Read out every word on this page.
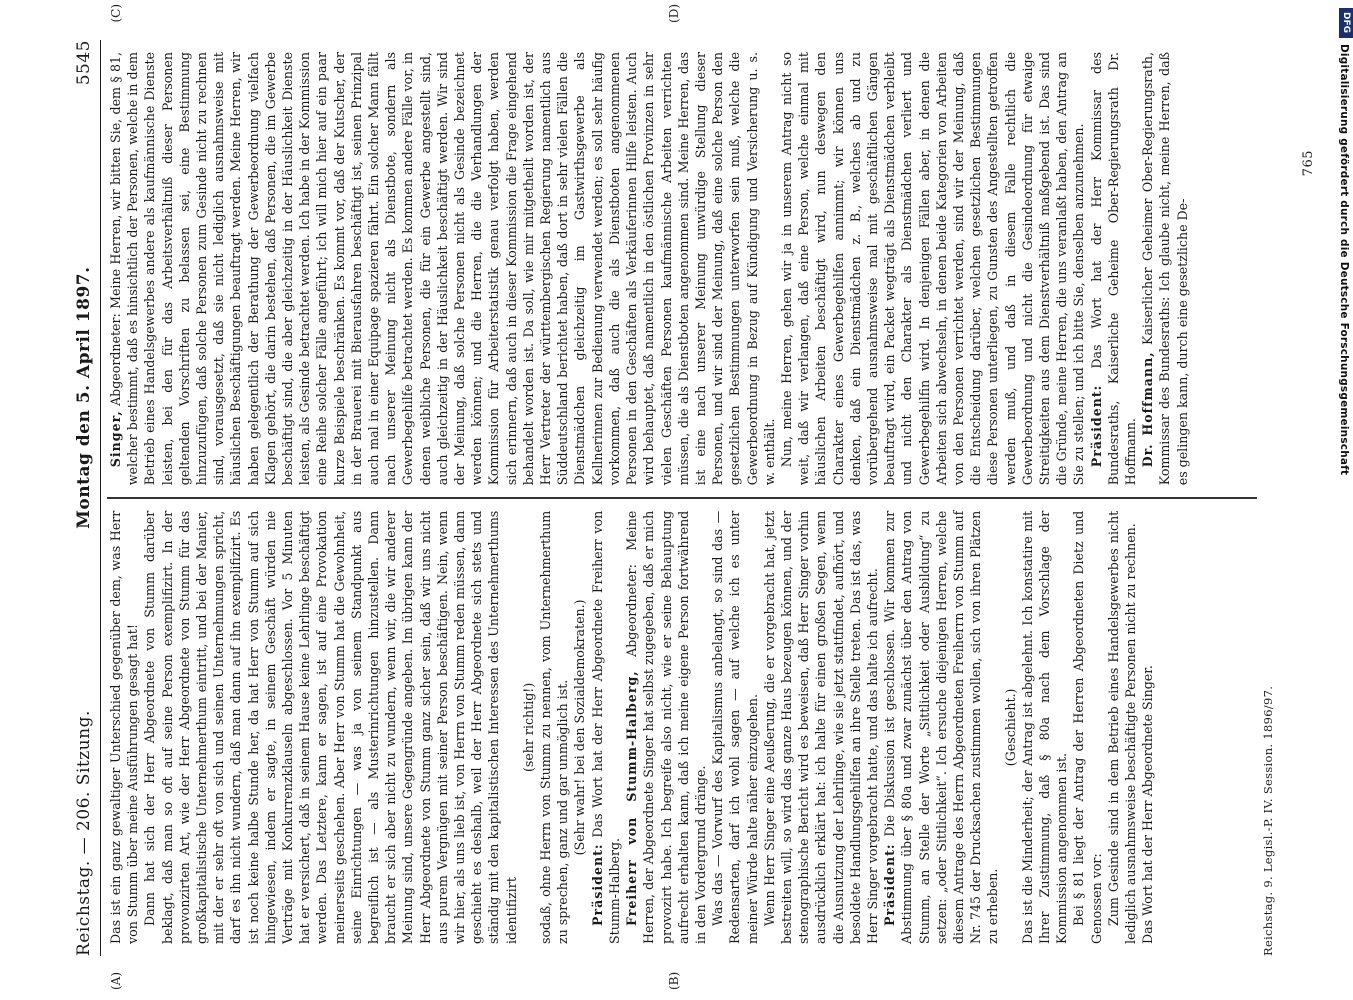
Reichstag. — 206. Sitzung.
Montag den 5. April 1897.
5545

Das ist ein ganz gewaltiger Unterschied gegenüber dem, was Herr von Stumm über meine Ausführungen gesagt hat! Dann hat sich der Herr Abgeordnete von Stumm darüber beklagt, daß man so oft auf seine Person exemplifizirt. In der provonzirten Art, wie der Herr Abgeordnete von Stumm für das großkapitalistische Unternehmerthum eintritt, und bei der Manier, mit der er sehr oft von sich und seinen Unternehmungen spricht, darf es ihn nicht wundern, daß man dann auf ihn exemplifizirt. Es ist noch keine halbe Stunde her, da hat Herr von Stumm auf sich hingewiesen, indem er sagte, in seinem Geschäft würden nie Verträge mit Konkurrenzklauseln abgeschlossen. Vor 5 Minuten hat er versichert, daß in seinem Hause keine Lehrlinge beschäftigt werden. Das Letztere, kann er sagen, ist auf eine Provokation meinerseits geschehen. Aber Herr von Stumm hat die Gewohnheit, seine Einrichtungen — was ja von seinem Standpunkt aus begreiflich ist — als Musterinrichtungen hinzustellen. Dann braucht er sich aber nicht zu wundern, wenn wir, die wir anderer Meinung sind, unsere Gegengründe angeben. Im übrigen kann der Herr Abgeordnete von Stumm ganz sicher sein, daß wir uns nicht aus purem Vergnügen mit seiner Person beschäftigen. Nein, wenn wir hier, als uns lieb ist, von Herrn von Stumm reden müssen, dann geschieht es deshalb, weil der Herr Abgeordnete sich stets und ständig mit den kapitalistischen Interessen des Unternehmerthums identifizirt

(sehr richtig!) sodaß, ohne Herrn von Stumm zu nennen, vom Unternehmerthum zu sprechen, ganz und gar unmöglich ist. (Sehr wahr! bei den Sozialdemokraten.)

Präsident: Das Wort hat der Herr Abgeordnete Freiherr von Stumm-Halberg. Freiherr von Stumm-Halberg, Abgeordneter: Meine Herren, der Abgeordnete Singer hat selbst zugegeben, daß er mich provozirt habe. Ich begreife also nicht, wie er seine Behauptung aufrecht erhalten kann, daß ich meine eigene Person fortwährend in den Vordergrund dränge. Was das — Vorwurf des Kapitalismus anbelangt, so sind das — Redensarten, darf ich wohl sagen — auf welche ich es unter meiner Würde halte näher einzugehen. Wenn Herr Singer eine Aeußerung, die er vorgebracht hat, jetzt bestreiten will, so wird das ganze Haus bezeugen können, und der stenographische Bericht wird es beweisen, daß Herr Singer vorhin ausdrücklich erklärt hat: ich halte für einen großen Segen, wenn die Ausnutzung der Lehrlinge, wie sie jetzt stattfindet, aufhört, und besoldete Handlungsgehilfen an ihre Stelle treten. Das ist das, was Herr Singer vorgebracht hatte, und das halte ich aufrecht. Präsident: Die Diskussion ist geschlossen. Wir kommen zur Abstimmung über § 80a und zwar zunächst über den Antrag von Stumm, an Stelle der Worte „Sittlichkeit oder Ausbildung“ zu setzen: „oder Sittlichkeit“. Ich ersuche diejenigen Herren, welche diesem Antrage des Herrn Abgeordneten Freiherrn von Stumm auf Nr. 745 der Drucksachen zustimmen wollen, sich von ihren Plätzen zu erheben.

(Geschieht.) Das ist die Minderheit; der Antrag ist abgelehnt. Ich konstatire mit Ihrer Zustimmung, daß § 80a nach dem Vorschlage der Kommission angenommen ist. Bei § 81 liegt der Antrag der Herren Abgeordneten Dietz und Genossen vor: Zum Gesinde sind in dem Betrieb eines Handelsgewerbes nicht lediglich ausnahmsweise beschäftigte Personen nicht zu rechnen. Das Wort hat der Herr Abgeordnete Singer.

Singer, Abgeordneter: Meine Herren, wir bitten Sie, dem § 81, welcher bestimmt, daß es hinsichtlich der Personen, welche in dem Betrieb eines Handelsgewerbes andere als kaufmännische Dienste leisten, bei den für das Arbeitsverhältniß dieser Personen geltenden Vorschriften zu belassen sei, eine Bestimmung hinzuzufügen, daß solche Personen zum Gesinde nicht zu rechnen sind, vorausgesetzt, daß sie nicht lediglich ausnahmsweise mit häuslichen Beschäftigungen beauftragt werden. Meine Herren, wir haben gelegentlich der Berathung der Gewerbeordnung vielfach Klagen gehört, die darin bestehen, daß Personen, die im Gewerbe beschäftigt sind, die aber gleichzeitig in der Häuslichkeit Dienste leisten, als Gesinde betrachtet werden. Ich habe in der Kommission eine Reihe solcher Fälle angeführt; ich will mich hier auf ein paar kurze Beispiele beschränken. Es kommt vor, daß der Kutscher, der in der Brauerei mit Bierausfahren beschäftigt ist, seinen Prinzipal auch mal in einer Equipage spazieren fährt. Ein solcher Mann fällt nach unserer Meinung nicht als Dienstbote, sondern als Gewerbegehilfe betrachtet werden. Es kommen andere Fälle vor, in denen weibliche Personen, die für ein Gewerbe angestellt sind, auch gleichzeitig in der Häuslichkeit beschäftigt werden. Wir sind der Meinung, daß solche Personen nicht als Gesinde bezeichnet werden können; und die Herren, die die Verhandlungen der Kommission für Arbeiterstatistik genau verfolgt haben, werden sich erinnern, daß auch in dieser Kommission die Frage eingehend behandelt worden ist. Da soll, wie mir mitgetheilt worden ist, der Herr Vertreter der württembergischen Regierung namentlich aus Süddeutschland berichtet haben, daß dort in sehr vielen Fällen die Dienstmädchen gleichzeitig im Gastwirthsgewerbe als Kellnerinnen zur Bedienung verwendet werden; es soll sehr häufig vorkommen, daß auch die als Dienstboten angenommenen Personen in den Geschäften als Verkäuferinnen Hilfe leisten. Auch wird behauptet, daß namentlich in den östlichen Provinzen in sehr vielen Geschäften Personen kaufmännische Arbeiten verrichten müssen, die als Dienstboten angenommen sind. Meine Herren, das ist eine nach unserer Meinung unwürdige Stellung dieser Personen, und wir sind der Meinung, daß eine solche Person den gesetzlichen Bestimmungen unterworfen sein muß, welche die Gewerbeordnung in Bezug auf Kündigung und Versicherung u. s. w. enthält. Nun, meine Herren, gehen wir ja in unserem Antrag nicht so weit, daß wir verlangen, daß eine Person, welche einmal mit häuslichen Arbeiten beschäftigt wird, nun deswegen den Charakter eines Gewerbegehilfen annimmt; wir können uns denken, daß ein Dienstmädchen z. B., welches ab und zu vorübergehend ausnahmsweise mal mit geschäftlichen Gängen beauftragt wird, ein Packet wegträgt als Dienstmädchen verbleibt und nicht den Charakter als Dienstmädchen verliert und Gewerbegehilfin wird. In denjenigen Fällen aber, in denen die Arbeiten sich abwechseln, in denen beide Kategorien von Arbeiten von den Personen verrichtet werden, sind wir der Meinung, daß die Entscheidung darüber, welchen gesetzlichen Bestimmungen diese Personen unterliegen, zu Gunsten des Angestellten getroffen werden muß, und daß in diesem Falle rechtlich die Gewerbeordnung und nicht die Gesindeordnung für etwaige Streitigkeiten aus dem Dienstverhältniß maßgebend ist. Das sind die Gründe, meine Herren, die uns veranlaßt haben, den Antrag an Sie zu stellen; und ich bitte Sie, denselben anzunehmen. Präsident: Das Wort hat der Herr Kommissar des Bundesraths, Kaiserliche Geheime Ober-Regierungsrath Dr. Hoffmann. Dr. Hoffmann, Kaiserlicher Geheimer Ober-Regierungsrath, Kommissar des Bundesraths: Ich glaube nicht, meine Herren, daß es gelingen kann, durch eine gesetzliche De-

(A)	(B)
(C)	(D)
Reichstag. 9. Legisl.-P. IV. Session. 1896/97.
765
DFG
Digitalisierung gefördert durch die Deutsche Forschungsgemeinschaft
